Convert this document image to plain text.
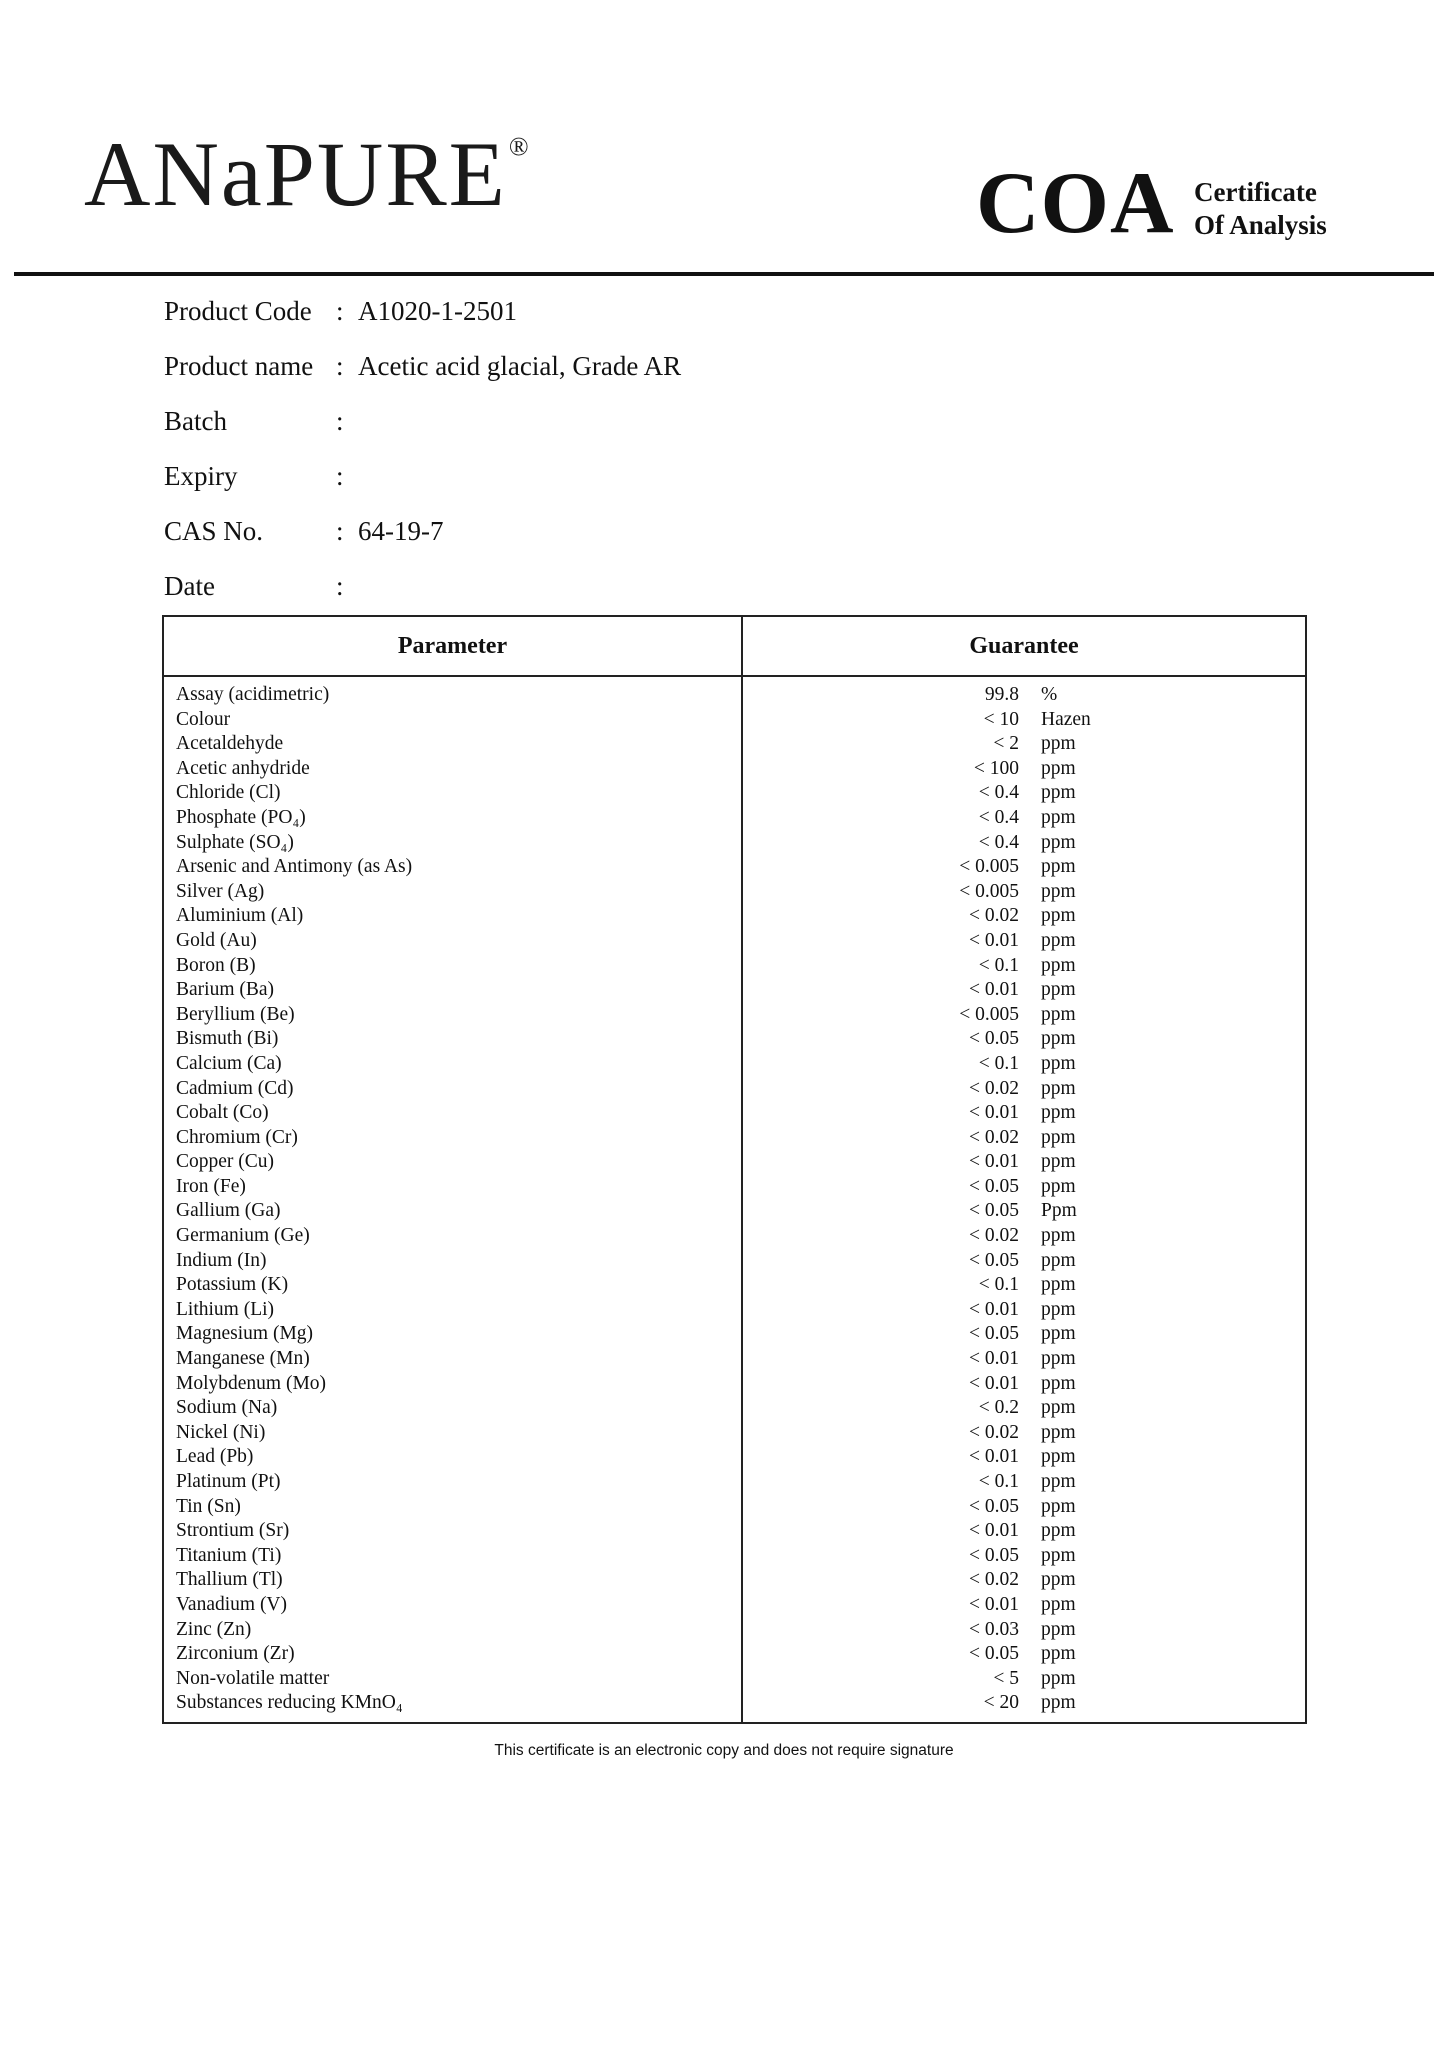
ANaPURE®
COA Certificate
Of Analysis
Product Code : A1020-1-2501
Product name : Acetic acid glacial, Grade AR
Batch	:
Expiry	:
CAS No.	: 64-19-7
Date	:
Parameter	Guarantee
Assay (acidimetric)	99.8 %
Colour	< 10 Hazen
Acetaldehyde	< 2 ppm
Acetic anhydride	< 100 ppm
Chloride (Cl)	< 0.4 ppm
Phosphate (PO₄)	< 0.4 ppm
Sulphate (SO₄)	< 0.4 ppm
Arsenic and Antimony (as As)	< 0.005 ppm
Silver (Ag)	< 0.005 ppm
Aluminium (Al)	< 0.02 ppm
Gold (Au)	< 0.01 ppm
Boron (B)	< 0.1 ppm
Barium (Ba)	< 0.01 ppm
Beryllium (Be)	< 0.005 ppm
Bismuth (Bi)	< 0.05 ppm
Calcium (Ca)	< 0.1 ppm
Cadmium (Cd)	< 0.02 ppm
Cobalt (Co)	< 0.01 ppm
Chromium (Cr)	< 0.02 ppm
Copper (Cu)	< 0.01 ppm
Iron (Fe)	< 0.05 ppm
Gallium (Ga)	< 0.05 Ppm
Germanium (Ge)	< 0.02 ppm
Indium (In)	< 0.05 ppm
Potassium (K)	< 0.1 ppm
Lithium (Li)	< 0.01 ppm
Magnesium (Mg)	< 0.05 ppm
Manganese (Mn)	< 0.01 ppm
Molybdenum (Mo)	< 0.01 ppm
Sodium (Na)	< 0.2 ppm
Nickel (Ni)	< 0.02 ppm
Lead (Pb)	< 0.01 ppm
Platinum (Pt)	< 0.1 ppm
Tin (Sn)	< 0.05 ppm
Strontium (Sr)	< 0.01 ppm
Titanium (Ti)	< 0.05 ppm
Thallium (Tl)	< 0.02 ppm
Vanadium (V)	< 0.01 ppm
Zinc (Zn)	< 0.03 ppm
Zirconium (Zr)	< 0.05 ppm
Non-volatile matter	< 5 ppm
Substances reducing KMnO₄	< 20 ppm
This certificate is an electronic copy and does not require signature
